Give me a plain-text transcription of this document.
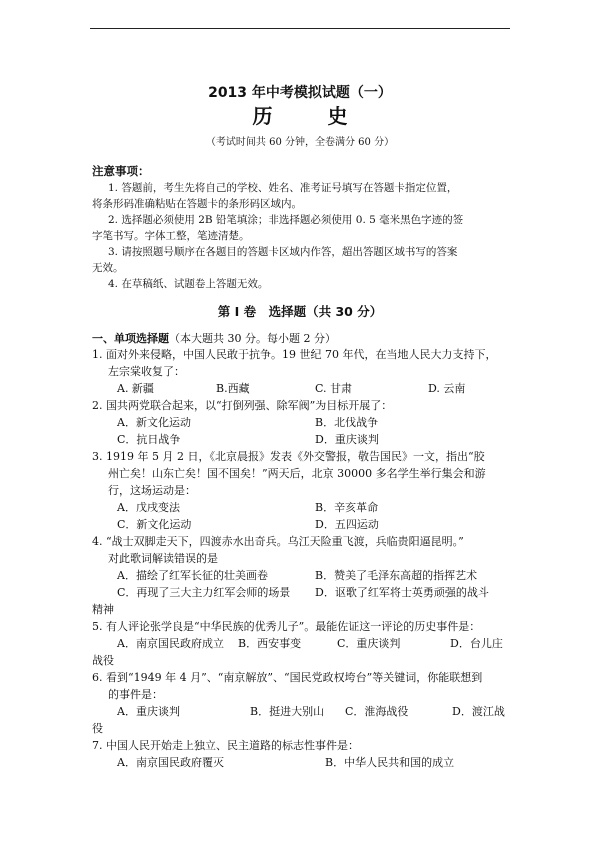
2013 年中考模拟试题（一）
历 史
（考试时间共 60 分钟，全卷满分 60 分）
注意事项：
1. 答题前，考生先将自己的学校、姓名、准考证号填写在答题卡指定位置，
将条形码准确粘贴在答题卡的条形码区域内。
2. 选择题必须使用 2B 铅笔填涂；非选择题必须使用 0. 5 毫米黑色字迹的签
字笔书写。字体工整，笔迹清楚。
3. 请按照题号顺序在各题目的答题卡区域内作答，超出答题区域书写的答案
无效。
4. 在草稿纸、试题卷上答题无效。
第 Ⅰ 卷　选择题（共 30 分）
一、单项选择题（本大题共 30 分。每小题 2 分）
1. 面对外来侵略，中国人民敢于抗争。19 世纪 70 年代，在当地人民大力支持下，
左宗棠收复了：
A. 新疆	B.西藏	C. 甘肃	D. 云南
2. 国共两党联合起来，以“打倒列强、除军阀”为目标开展了：
A．新文化运动	B．北伐战争
C．抗日战争	D．重庆谈判
3. 1919 年 5 月 2 日，《北京晨报》发表《外交警报，敬告国民》一文，指出“胶
州亡矣！山东亡矣！国不国矣！”两天后，北京 30000 多名学生举行集会和游
行，这场运动是：
A．戊戌变法	B．辛亥革命
C．新文化运动	D．五四运动
4. “战士双脚走天下，四渡赤水出奇兵。乌江天险重飞渡，兵临贵阳逼昆明。”
对此歌词解读错误的是
A．描绘了红军长征的壮美画卷	B．赞美了毛泽东高超的指挥艺术
C．再现了三大主力红军会师的场景 D．讴歌了红军将士英勇顽强的战斗
精神
5. 有人评论张学良是“中华民族的优秀儿子”。最能佐证这一评论的历史事件是：
A．南京国民政府成立 B．西安事变	C．重庆谈判	D．台儿庄
战役
6. 看到“1949 年 4 月”、“南京解放”、“国民党政权垮台”等关键词，你能联想到
的事件是：
A．重庆谈判	B．挺进大别山 C．淮海战役	D．渡江战
役
7. 中国人民开始走上独立、民主道路的标志性事件是：
A．南京国民政府覆灭	B．中华人民共和国的成立
